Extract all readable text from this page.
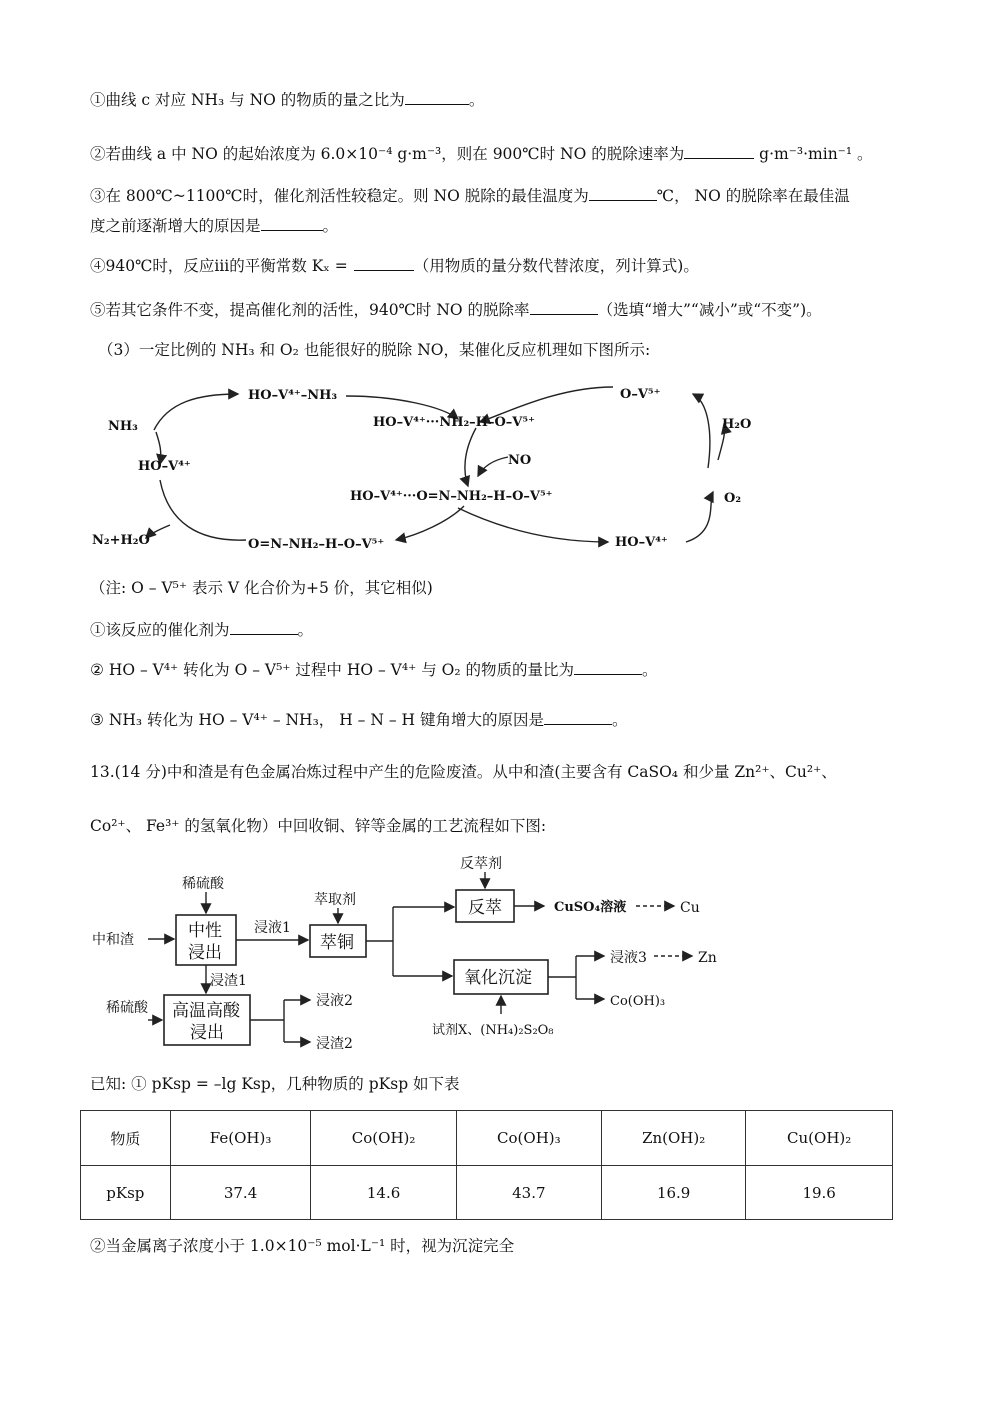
①曲线 c 对应 NH₃ 与 NO 的物质的量之比为	。
②若曲线 a 中 NO 的起始浓度为 6.0×10⁻⁴ g·m⁻³，则在 900℃时 NO 的脱除速率为	g·m⁻³·min⁻¹ 。
③在 800℃~1100℃时，催化剂活性较稳定。则 NO 脱除的最佳温度为	℃， NO 的脱除率在最佳温
度之前逐渐增大的原因是	。
④940℃时，反应ⅲ的平衡常数 Kₓ =	（用物质的量分数代替浓度，列计算式)。
⑤若其它条件不变，提高催化剂的活性，940℃时 NO 的脱除率	（选填“增大”“减小”或“不变”)。
（3）一定比例的 NH₃ 和 O₂ 也能很好的脱除 NO，某催化反应机理如下图所示:
HO–V⁴⁺–NH₃
NH₃
HO–V⁴⁺
HO–V⁴⁺···NH₂–H–O–V⁵⁺
NO
HO–V⁴⁺···O=N–NH₂–H–O–V⁵⁺
N₂+H₂O	O=N–NH₂–H–O–V⁵⁺	HO–V⁴⁺
O–V⁵⁺
H₂O
O₂
（注: O – V⁵⁺ 表示 V 化合价为+5 价，其它相似)
①该反应的催化剂为	。
② HO – V⁴⁺ 转化为 O – V⁵⁺ 过程中 HO – V⁴⁺ 与 O₂ 的物质的量比为	。
③ NH₃ 转化为 HO – V⁴⁺ – NH₃， H – N – H 键角增大的原因是	。
13.(14 分)中和渣是有色金属冶炼过程中产生的危险废渣。从中和渣(主要含有 CaSO₄ 和少量 Zn²⁺、Cu²⁺、
Co²⁺、 Fe³⁺ 的氢氧化物）中回收铜、锌等金属的工艺流程如下图:
稀硫酸
中和渣	中性
浸出
浸液1
萃取剂
萃铜
反萃剂
反萃	CuSO₄溶液	Cu
氧化沉淀
浸液3	Zn
Co(OH)₃
试剂X、(NH₄)₂S₂O₈
浸渣1
稀硫酸 高温高酸
浸出
浸液2
浸渣2
已知: ① pKsp = –lg Ksp，几种物质的 pKsp 如下表
物质	Fe(OH)₃	Co(OH)₂	Co(OH)₃	Zn(OH)₂	Cu(OH)₂
pKsp	37.4	14.6	43.7	16.9	19.6
②当金属离子浓度小于 1.0×10⁻⁵ mol·L⁻¹ 时，视为沉淀完全
